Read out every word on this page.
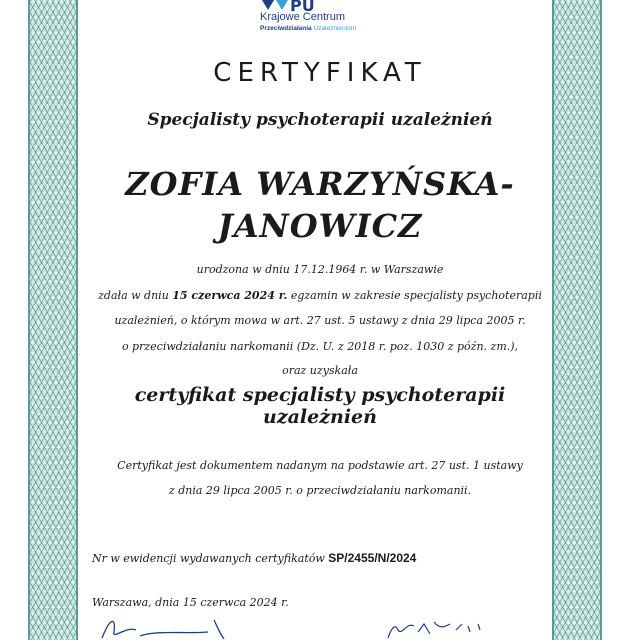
PU
Krajowe Centrum
Przeciwdziałania Uzależnieniom
CERTYFIKAT
Specjalisty psychoterapii uzależnień
ZOFIA WARZYŃSKA-
JANOWICZ
urodzona w dniu 17.12.1964 r. w Warszawie
zdała w dniu 15 czerwca 2024 r. egzamin w zakresie specjalisty psychoterapii
uzależnień, o którym mowa w art. 27 ust. 5 ustawy z dnia 29 lipca 2005 r.
o przeciwdziałaniu narkomanii (Dz. U. z 2018 r. poz. 1030 z późn. zm.),
oraz uzyskała
certyfikat specjalisty psychoterapii uzależnień
Certyfikat jest dokumentem nadanym na podstawie art. 27 ust. 1 ustawy
z dnia 29 lipca 2005 r. o przeciwdziałaniu narkomanii.
Nr w ewidencji wydawanych certyfikatów SP/2455/N/2024
Warszawa, dnia 15 czerwca 2024 r.
